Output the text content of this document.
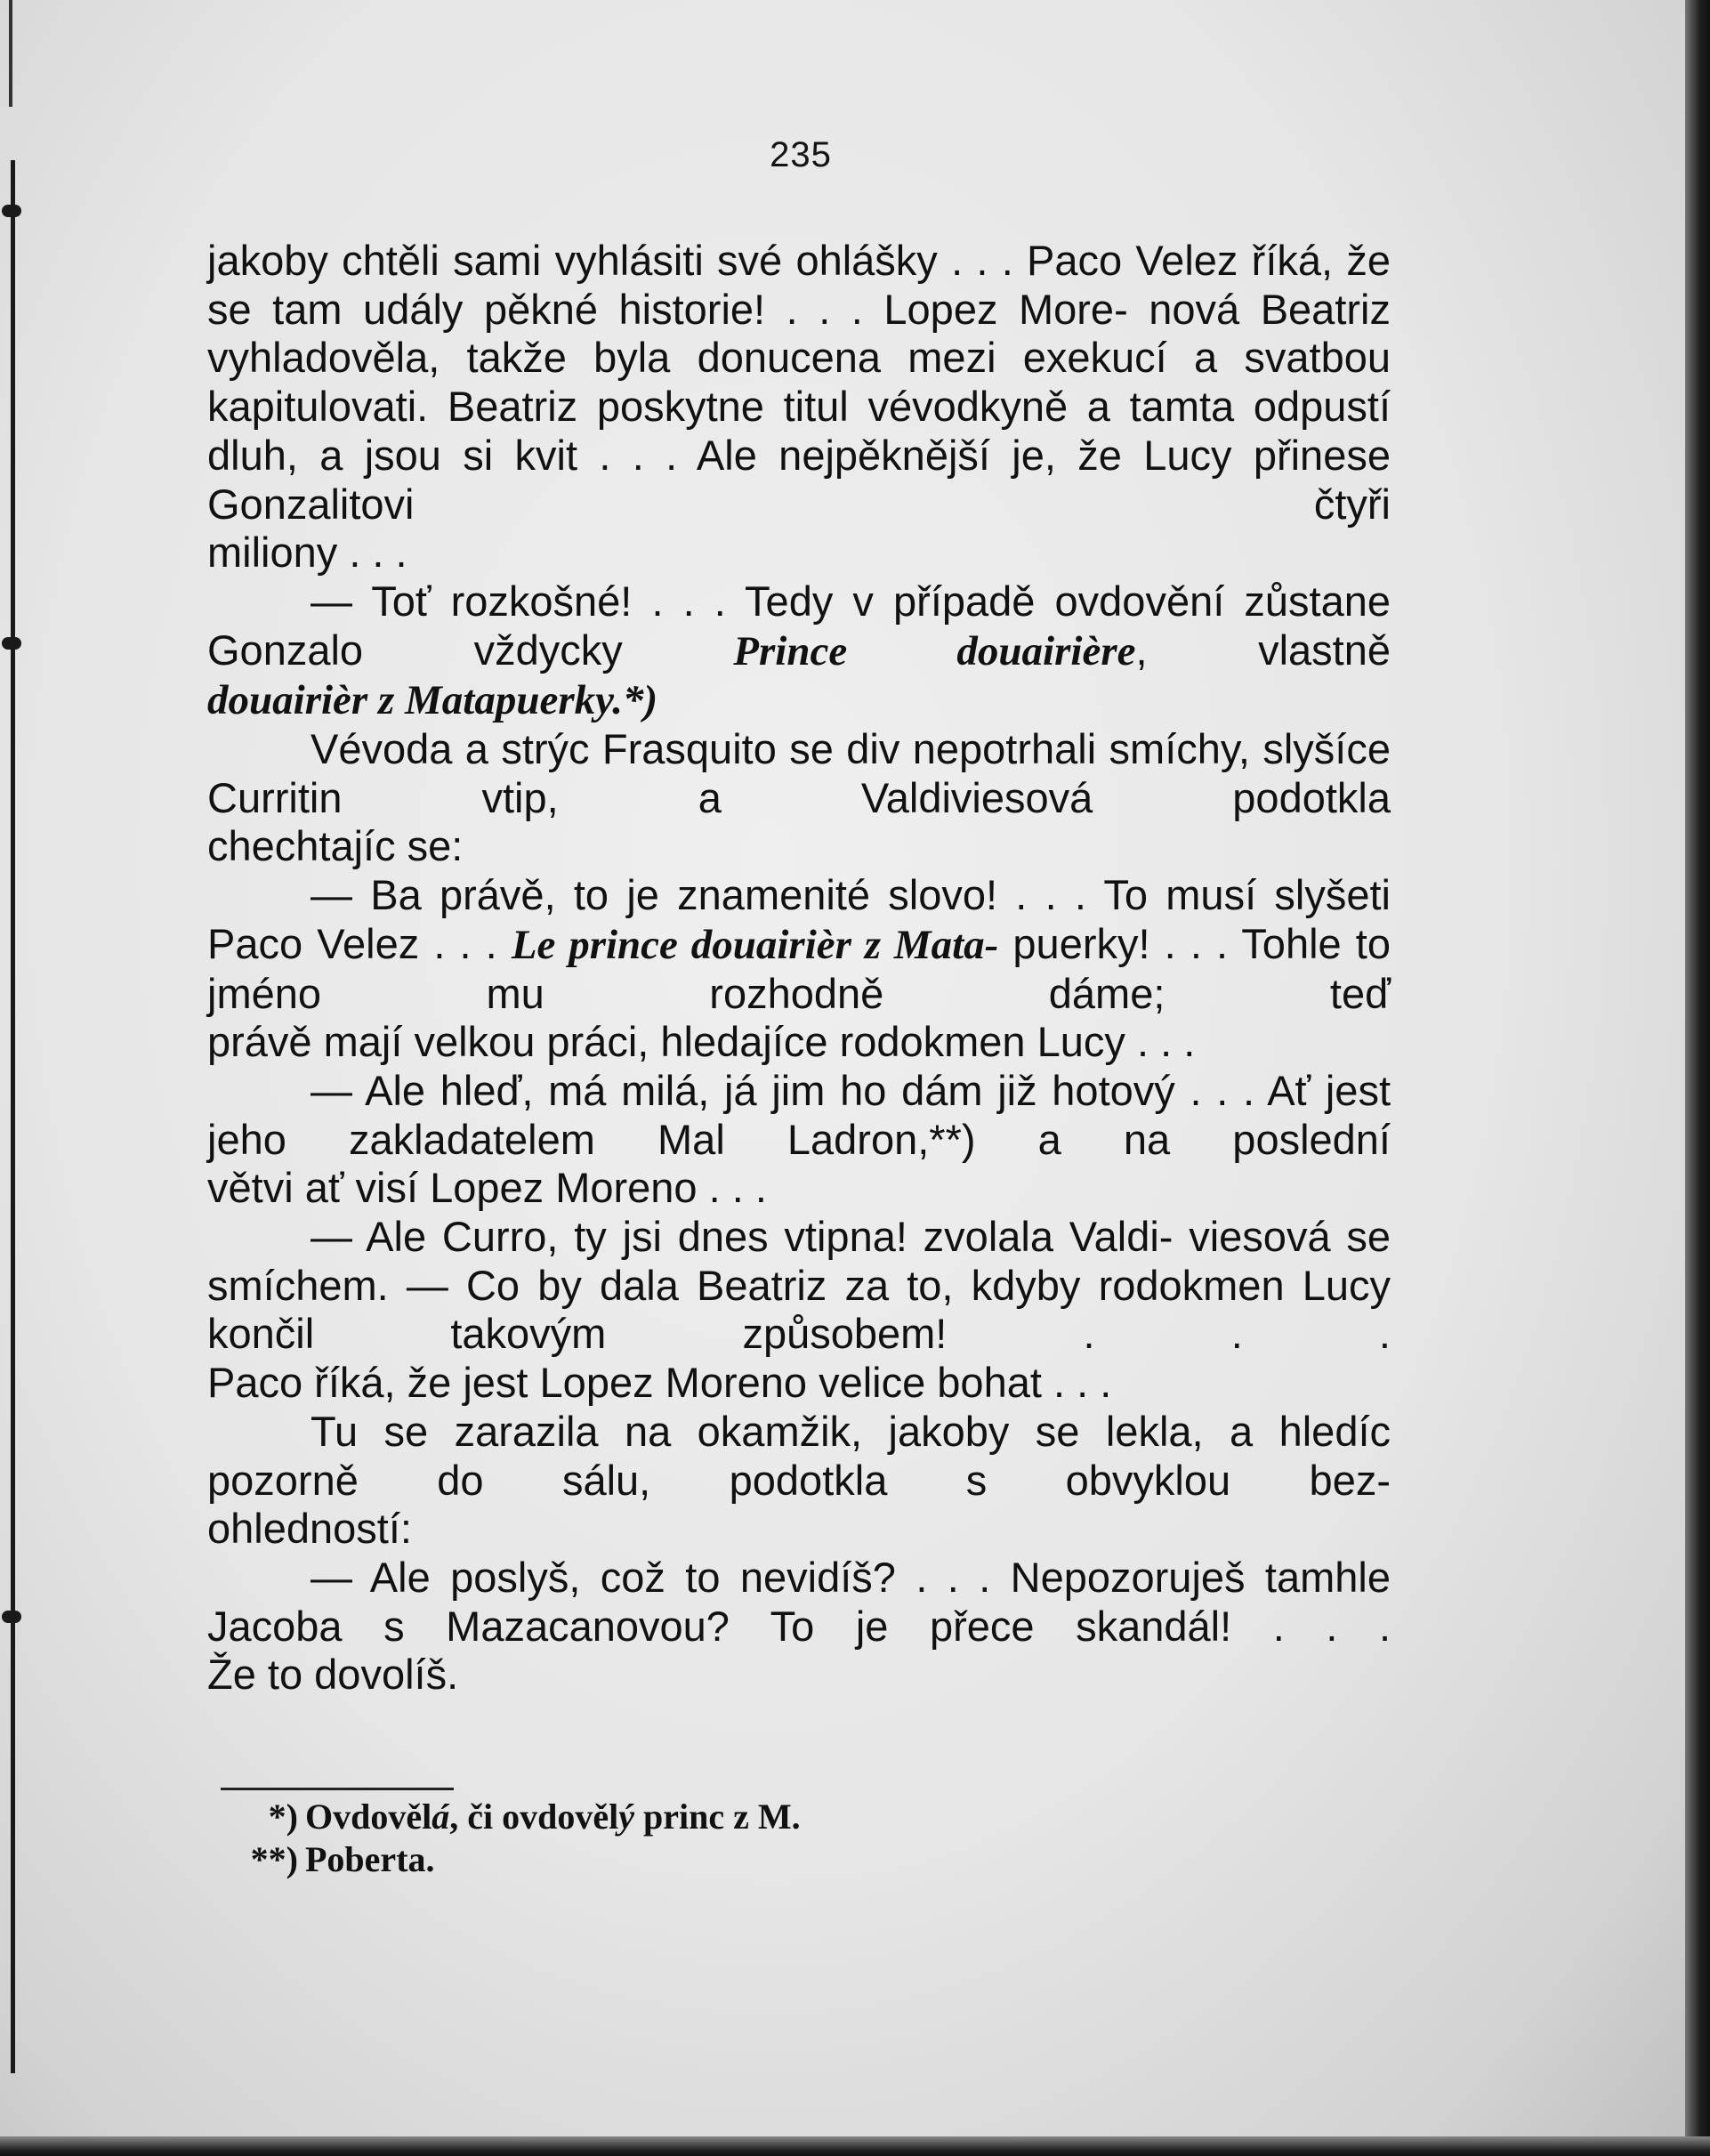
235

jakoby chtěli sami vyhlásiti své ohlášky . . . Paco Velez říká, že se tam udály pěkné historie! . . . Lopez More- nová Beatriz vyhladověla, takže byla donucena mezi exekucí a svatbou kapitulovati. Beatriz poskytne titul vévodkyně a tamta odpustí dluh, a jsou si kvit . . . Ale nejpěknější je, že Lucy přinese Gonzalitovi čtyři

miliony . . .

— Toť rozkošné! . . . Tedy v případě ovdovění zůstane Gonzalo vždycky Prince douairière, vlastně

douairièr z Matapuerky.*)

Vévoda a strýc Frasquito se div nepotrhali smíchy, slyšíce Curritin vtip, a Valdiviesová podotkla

chechtajíc se:

— Ba právě, to je znamenité slovo! . . . To musí slyšeti Paco Velez . . . Le prince douairièr z Mata- puerky! . . . Tohle to jméno mu rozhodně dáme; teď

právě mají velkou práci, hledajíce rodokmen Lucy . . .

— Ale hleď, má milá, já jim ho dám již hotový . . . Ať jest jeho zakladatelem Mal Ladron,**) a na poslední

větvi ať visí Lopez Moreno . . .

— Ale Curro, ty jsi dnes vtipna! zvolala Valdi- viesová se smíchem. — Co by dala Beatriz za to, kdyby rodokmen Lucy končil takovým způsobem! . . .

Paco říká, že jest Lopez Moreno velice bohat . . .

Tu se zarazila na okamžik, jakoby se lekla, a hledíc pozorně do sálu, podotkla s obvyklou bez-

ohledností:

— Ale poslyš, což to nevidíš? . . . Nepozoruješ tamhle Jacoba s Mazacanovou? To je přece skandál! . . .

Že to dovolíš.

*) Ovdovělá, či ovdovělý princ z M.
**) Poberta.
